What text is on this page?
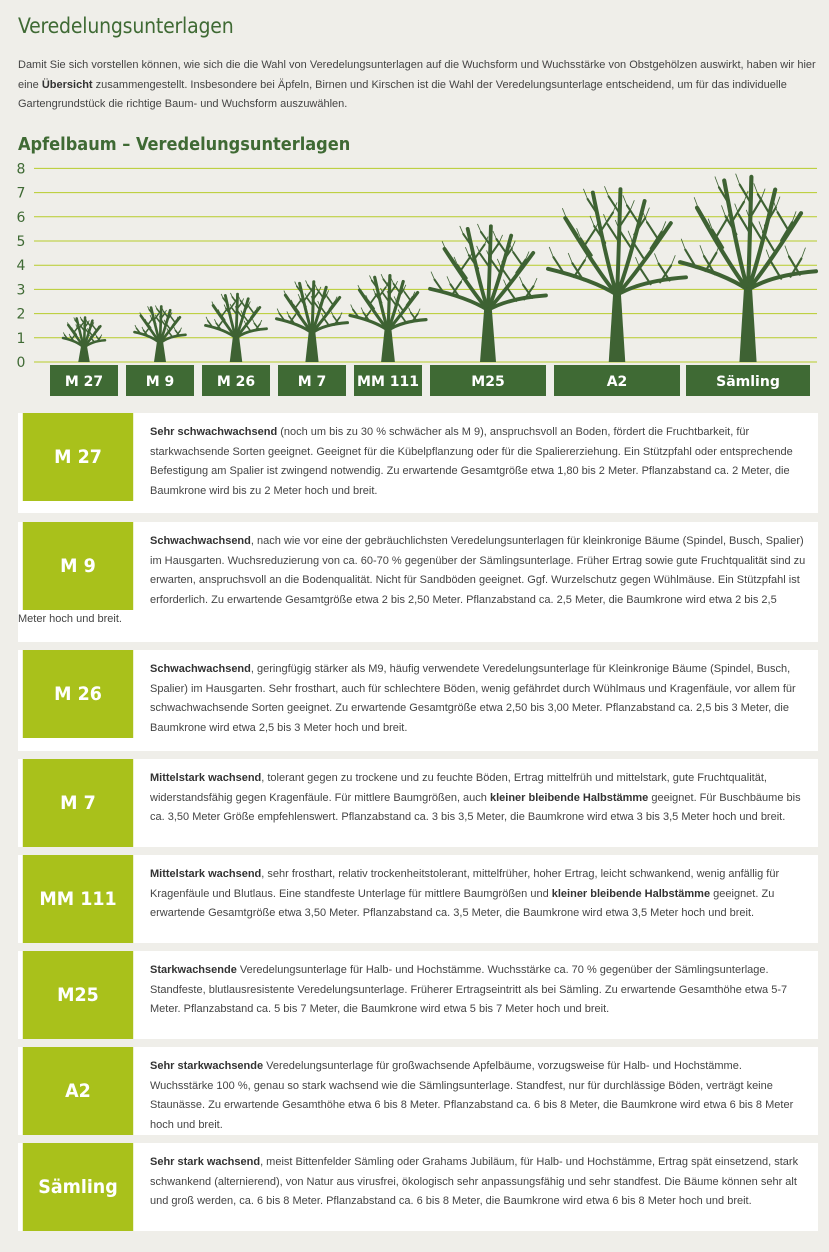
Veredelungsunterlagen

Damit Sie sich vorstellen können, wie sich die die Wahl von Veredelungsunterlagen auf die Wuchsform und Wuchsstärke von Obstgehölzen auswirkt, haben wir hier eine Übersicht zusammengestellt. Insbesondere bei Äpfeln, Birnen und Kirschen ist die Wahl der Veredelungsunterlage entscheidend, um für das individuelle Gartengrundstück die richtige Baum- und Wuchsform auszuwählen.

Apfelbaum – Veredelungsunterlagen
0
1
2
3
4
5
6
7
8
M 27	M 9	M 26	M 7 MM 111	M25	A2	Sämling
M 27

Sehr schwachwachsend (noch um bis zu 30 % schwächer als M 9), anspruchsvoll an Boden, fördert die Fruchtbarkeit, für starkwachsende Sorten geeignet. Geeignet für die Kübelpflanzung oder für die Spaliererziehung. Ein Stützpfahl oder entsprechende Befestigung am Spalier ist zwingend notwendig. Zu erwartende Gesamtgröße etwa 1,80 bis 2 Meter. Pflanzabstand ca. 2 Meter, die Baumkrone wird bis zu 2 Meter hoch und breit.

M 9

Schwachwachsend, nach wie vor eine der gebräuchlichsten Veredelungsunterlagen für kleinkronige Bäume (Spindel, Busch, Spalier) im Hausgarten. Wuchsreduzierung von ca. 60-70 % gegenüber der Sämlingsunterlage. Früher Ertrag sowie gute Fruchtqualität sind zu erwarten, anspruchsvoll an die Bodenqualität. Nicht für Sandböden geeignet. Ggf. Wurzelschutz gegen Wühlmäuse. Ein Stützpfahl ist erforderlich. Zu erwartende Gesamtgröße etwa 2 bis 2,50 Meter. Pflanzabstand ca. 2,5 Meter, die Baumkrone wird etwa 2 bis 2,5

Meter hoch und breit.

M 26

Schwachwachsend, geringfügig stärker als M9, häufig verwendete Veredelungsunterlage für Kleinkronige Bäume (Spindel, Busch, Spalier) im Hausgarten. Sehr frosthart, auch für schlechtere Böden, wenig gefährdet durch Wühlmaus und Kragenfäule, vor allem für schwachwachsende Sorten geeignet. Zu erwartende Gesamtgröße etwa 2,50 bis 3,00 Meter. Pflanzabstand ca. 2,5 bis 3 Meter, die Baumkrone wird etwa 2,5 bis 3 Meter hoch und breit.

M 7

Mittelstark wachsend, tolerant gegen zu trockene und zu feuchte Böden, Ertrag mittelfrüh und mittelstark, gute Fruchtqualität, widerstandsfähig gegen Kragenfäule. Für mittlere Baumgrößen, auch kleiner bleibende Halbstämme geeignet. Für Buschbäume bis ca. 3,50 Meter Größe empfehlenswert. Pflanzabstand ca. 3 bis 3,5 Meter, die Baumkrone wird etwa 3 bis 3,5 Meter hoch und breit.

MM 111

Mittelstark wachsend, sehr frosthart, relativ trockenheitstolerant, mittelfrüher, hoher Ertrag, leicht schwankend, wenig anfällig für Kragenfäule und Blutlaus. Eine standfeste Unterlage für mittlere Baumgrößen und kleiner bleibende Halbstämme geeignet. Zu erwartende Gesamtgröße etwa 3,50 Meter. Pflanzabstand ca. 3,5 Meter, die Baumkrone wird etwa 3,5 Meter hoch und breit.

M25

Starkwachsende Veredelungsunterlage für Halb- und Hochstämme. Wuchsstärke ca. 70 % gegenüber der Sämlingsunterlage. Standfeste, blutlausresistente Veredelungsunterlage. Früherer Ertragseintritt als bei Sämling. Zu erwartende Gesamthöhe etwa 5-7 Meter. Pflanzabstand ca. 5 bis 7 Meter, die Baumkrone wird etwa 5 bis 7 Meter hoch und breit.

A2

Sehr starkwachsende Veredelungsunterlage für großwachsende Apfelbäume, vorzugsweise für Halb- und Hochstämme. Wuchsstärke 100 %, genau so stark wachsend wie die Sämlingsunterlage. Standfest, nur für durchlässige Böden, verträgt keine Staunässe. Zu erwartende Gesamthöhe etwa 6 bis 8 Meter. Pflanzabstand ca. 6 bis 8 Meter, die Baumkrone wird etwa 6 bis 8 Meter hoch und breit.

Sämling

Sehr stark wachsend, meist Bittenfelder Sämling oder Grahams Jubiläum, für Halb- und Hochstämme, Ertrag spät einsetzend, stark schwankend (alternierend), von Natur aus virusfrei, ökologisch sehr anpassungsfähig und sehr standfest. Die Bäume können sehr alt und groß werden, ca. 6 bis 8 Meter. Pflanzabstand ca. 6 bis 8 Meter, die Baumkrone wird etwa 6 bis 8 Meter hoch und breit.
